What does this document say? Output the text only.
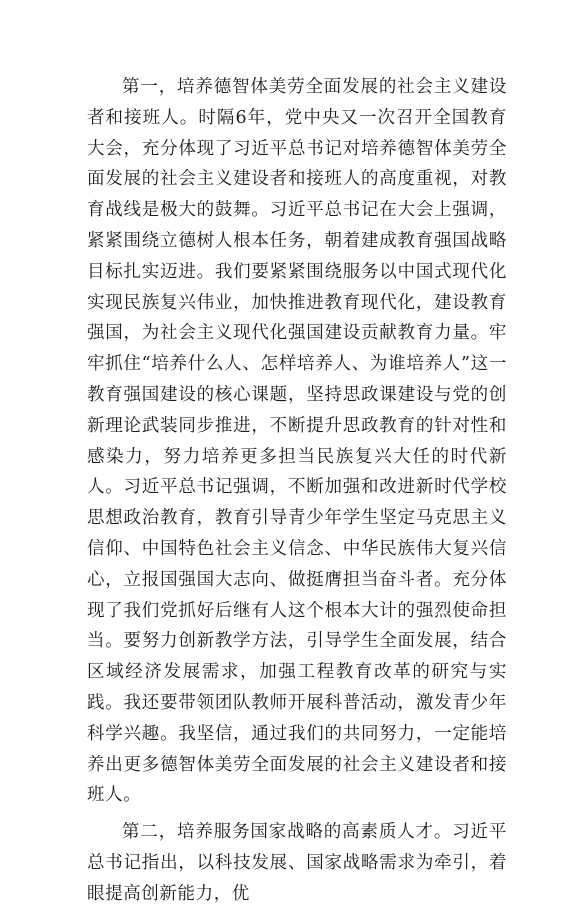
第一，培养德智体美劳全面发展的社会主义建设者和接班人。时隔6年，党中央又一次召开全国教育大会，充分体现了习近平总书记对培养德智体美劳全面发展的社会主义建设者和接班人的高度重视，对教育战线是极大的鼓舞。习近平总书记在大会上强调，紧紧围绕立德树人根本任务，朝着建成教育强国战略目标扎实迈进。我们要紧紧围绕服务以中国式现代化实现民族复兴伟业，加快推进教育现代化，建设教育强国，为社会主义现代化强国建设贡献教育力量。牢牢抓住“培养什么人、怎样培养人、为谁培养人”这一教育强国建设的核心课题，坚持思政课建设与党的创新理论武装同步推进，不断提升思政教育的针对性和感染力，努力培养更多担当民族复兴大任的时代新人。习近平总书记强调，不断加强和改进新时代学校思想政治教育，教育引导青少年学生坚定马克思主义信仰、中国特色社会主义信念、中华民族伟大复兴信心，立报国强国大志向、做挺膺担当奋斗者。充分体现了我们党抓好后继有人这个根本大计的强烈使命担当。要努力创新教学方法，引导学生全面发展，结合区域经济发展需求，加强工程教育改革的研究与实践。我还要带领团队教师开展科普活动，激发青少年科学兴趣。我坚信，通过我们的共同努力，一定能培养出更多德智体美劳全面发展的社会主义建设者和接班人。

第二，培养服务国家战略的高素质人才。习近平总书记指出，以科技发展、国家战略需求为牵引，着眼提高创新能力，优
